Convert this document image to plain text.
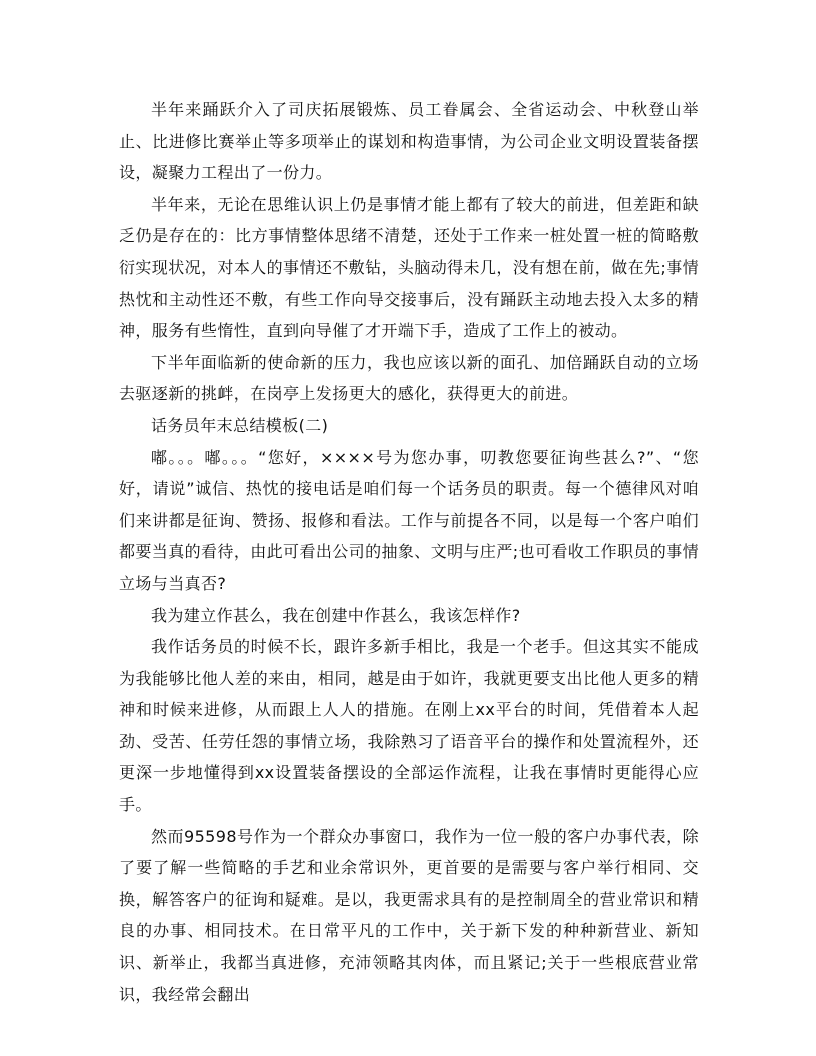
半年来踊跃介入了司庆拓展锻炼、员工眷属会、全省运动会、中秋登山举止、比进修比赛举止等多项举止的谋划和构造事情，为公司企业文明设置装备摆设，凝聚力工程出了一份力。

半年来，无论在思维认识上仍是事情才能上都有了较大的前进，但差距和缺乏仍是存在的：比方事情整体思绪不清楚，还处于工作来一桩处置一桩的简略敷衍实现状况，对本人的事情还不敷钻，头脑动得未几，没有想在前，做在先;事情热忱和主动性还不敷，有些工作向导交接事后，没有踊跃主动地去投入太多的精神，服务有些惰性，直到向导催了才开端下手，造成了工作上的被动。

下半年面临新的使命新的压力，我也应该以新的面孔、加倍踊跃自动的立场去驱逐新的挑衅，在岗亭上发扬更大的感化，获得更大的前进。

话务员年末总结模板(二)

嘟。。。嘟。。。“您好，××××号为您办事，叨教您要征询些甚么?”、“您好，请说”诚信、热忱的接电话是咱们每一个话务员的职责。每一个德律风对咱们来讲都是征询、赞扬、报修和看法。工作与前提各不同，以是每一个客户咱们都要当真的看待，由此可看出公司的抽象、文明与庄严;也可看收工作职员的事情立场与当真否?

我为建立作甚么，我在创建中作甚么，我该怎样作?

我作话务员的时候不长，跟许多新手相比，我是一个老手。但这其实不能成为我能够比他人差的来由，相同，越是由于如许，我就更要支出比他人更多的精神和时候来进修，从而跟上人人的措施。在刚上xx平台的时间，凭借着本人起劲、受苦、任劳任怨的事情立场，我除熟习了语音平台的操作和处置流程外，还更深一步地懂得到xx设置装备摆设的全部运作流程，让我在事情时更能得心应手。

然而95598号作为一个群众办事窗口，我作为一位一般的客户办事代表，除了要了解一些简略的手艺和业余常识外，更首要的是需要与客户举行相同、交换，解答客户的征询和疑难。是以，我更需求具有的是控制周全的营业常识和精良的办事、相同技术。在日常平凡的工作中，关于新下发的种种新营业、新知识、新举止，我都当真进修，充沛领略其肉体，而且紧记;关于一些根底营业常识，我经常会翻出
